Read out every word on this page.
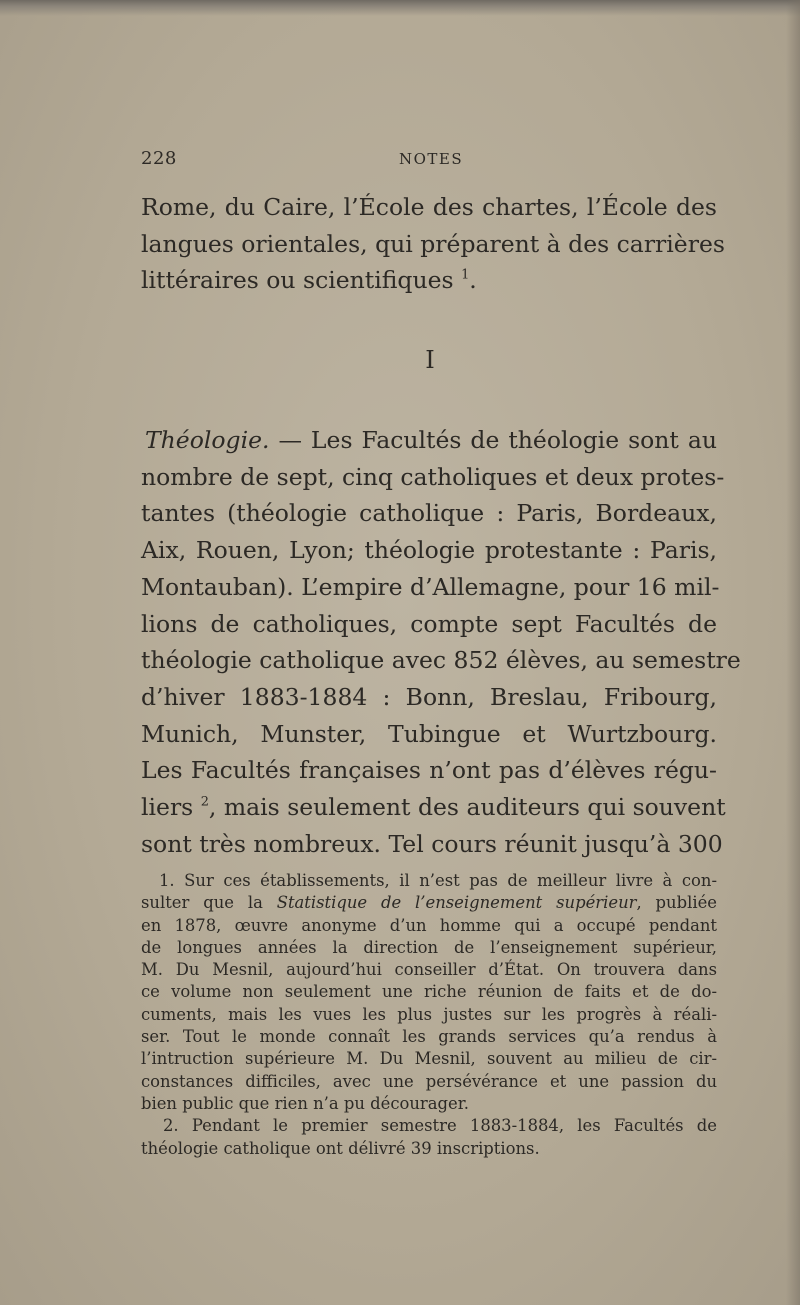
228	NOTES
Rome, du Caire, l’École des chartes, l’École des
langues orientales, qui préparent à des carrières
littéraires ou scientifiques $^1$.
I
Théologie. — Les Facultés de théologie sont au
nombre de sept, cinq catholiques et deux protes-
tantes (théologie catholique : Paris, Bordeaux,
Aix, Rouen, Lyon; théologie protestante : Paris,
Montauban). L’empire d’Allemagne, pour 16 mil-
lions de catholiques, compte sept Facultés de
théologie catholique avec 852 élèves, au semestre
d’hiver 1883-1884 : Bonn, Breslau, Fribourg,
Munich, Munster, Tubingue et Wurtzbourg.
Les Facultés françaises n’ont pas d’élèves régu-
liers $^2$, mais seulement des auditeurs qui souvent
sont très nombreux. Tel cours réunit jusqu’à 300
1. Sur ces établissements, il n’est pas de meilleur livre à con-
sulter que la Statistique de l’enseignement supérieur, publiée
en 1878, œuvre anonyme d’un homme qui a occupé pendant
de longues années la direction de l’enseignement supérieur,
M. Du Mesnil, aujourd’hui conseiller d’État. On trouvera dans
ce volume non seulement une riche réunion de faits et de do-
cuments, mais les vues les plus justes sur les progrès à réali-
ser. Tout le monde connaît les grands services qu’a rendus à
l’intruction supérieure M. Du Mesnil, souvent au milieu de cir-
constances difficiles, avec une persévérance et une passion du
bien public que rien n’a pu décourager.
2. Pendant le premier semestre 1883-1884, les Facultés de
théologie catholique ont délivré 39 inscriptions.
